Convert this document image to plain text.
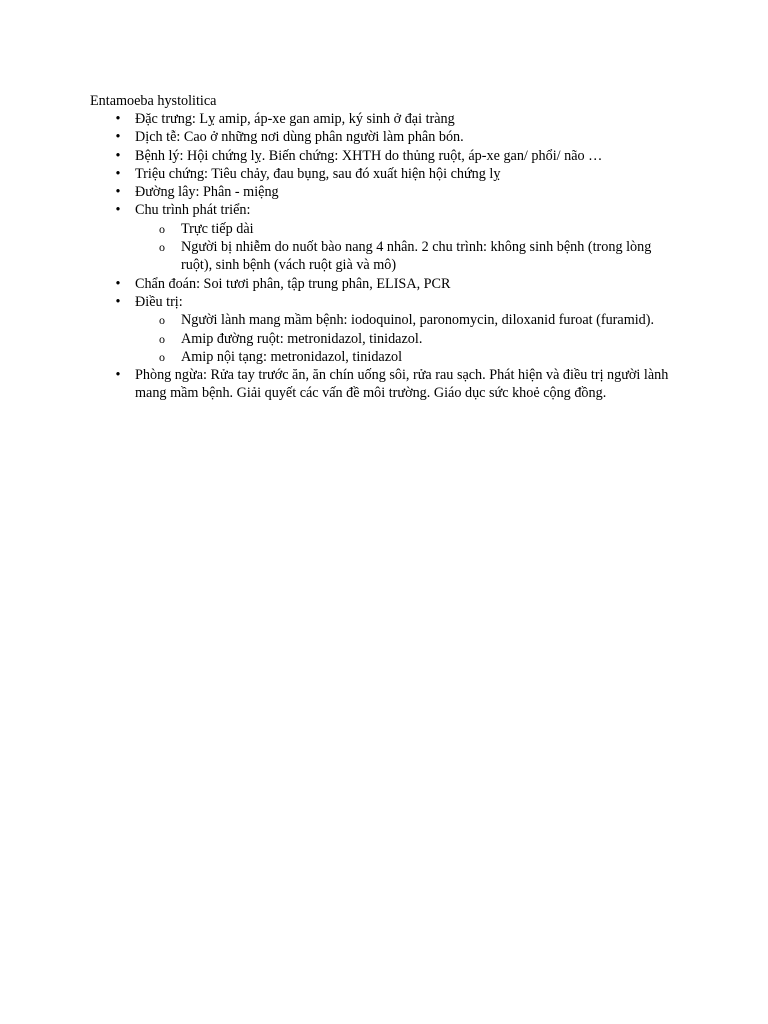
Entamoeba hystolitica
• Đặc trưng: Lỵ amip, áp-xe gan amip, ký sinh ở đại tràng
• Dịch tễ: Cao ở những nơi dùng phân người làm phân bón.
• Bệnh lý: Hội chứng lỵ. Biến chứng: XHTH do thủng ruột, áp-xe gan/ phổi/ não …
• Triệu chứng: Tiêu chảy, đau bụng, sau đó xuất hiện hội chứng lỵ
• Đường lây: Phân - miệng
• Chu trình phát triển:
o Trực tiếp dài
o Người bị nhiễm do nuốt bào nang 4 nhân. 2 chu trình: không sinh bệnh (trong lòng ruột), sinh bệnh (vách ruột già và mô)
• Chẩn đoán: Soi tươi phân, tập trung phân, ELISA, PCR
• Điều trị:
o Người lành mang mầm bệnh: iodoquinol, paronomycin, diloxanid furoat (furamid).
o Amip đường ruột: metronidazol, tinidazol.
o Amip nội tạng: metronidazol, tinidazol
• Phòng ngừa: Rửa tay trước ăn, ăn chín uống sôi, rửa rau sạch. Phát hiện và điều trị người lành mang mầm bệnh. Giải quyết các vấn đề môi trường. Giáo dục sức khoẻ cộng đồng.
